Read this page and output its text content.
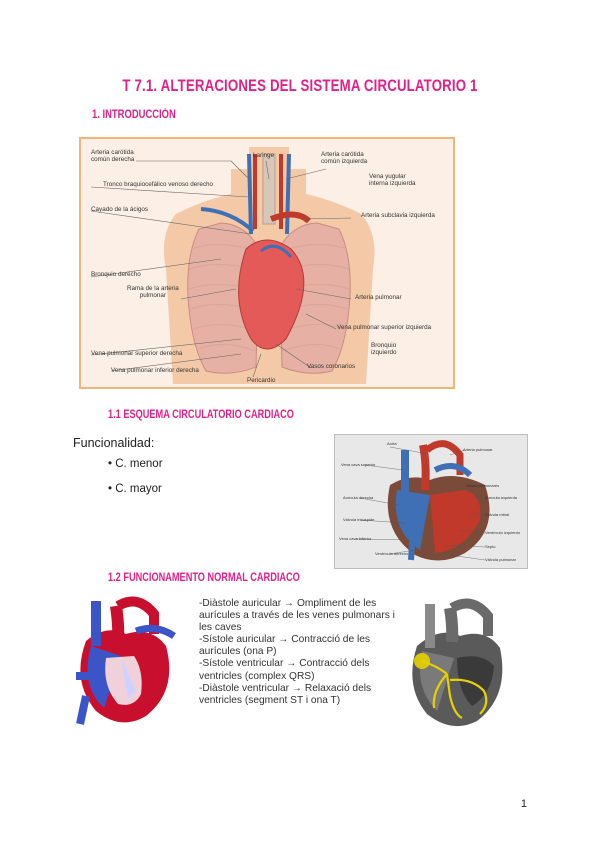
T 7.1. ALTERACIONES DEL SISTEMA CIRCULATORIO 1
1. INTRODUCCIÓN
Arteria carótida
común derecha
Laringe	Arteria carótida
común izquierda
Tronco braquiocefálico venoso derecho
Vena yugular
interna izquierda
Cayado de la ácigos
Arteria subclavia izquierda
Bronquio derecho
Rama de la arteria
pulmonar	Arteria pulmonar
Vena pulmonar superior izquierda
Bronquio
izquierdo
Vena pulmonar superior derecha
Vasos coronarios
Vena pulmonar inferior derecha
Pericardio
1.1 ESQUEMA CIRCULATORIO CARDIACO
Funcionalidad:
• C. menor
• C. mayor
Aorta
Arteria pulmonar
Vena cava superior
Venas pulmonares
Aurícula derecha	Aurícula izquierda
Válvula mitral
Válvula tricúspide
Ventrículo izquierdo
Vena cava inferior
Septo
Ventrículo derecho
Válvula pulmonar
1.2 FUNCIONAMENTO NORMAL CARDIACO
-Diàstole auricular → Ompliment de les
aurícules a través de les venes pulmonars i
les caves
-Sístole auricular → Contracció de les
aurícules (ona P)
-Sístole ventricular → Contracció dels
ventricles (complex QRS)
-Diàstole ventricular → Relaxació dels
ventricles (segment ST i ona T)
1
